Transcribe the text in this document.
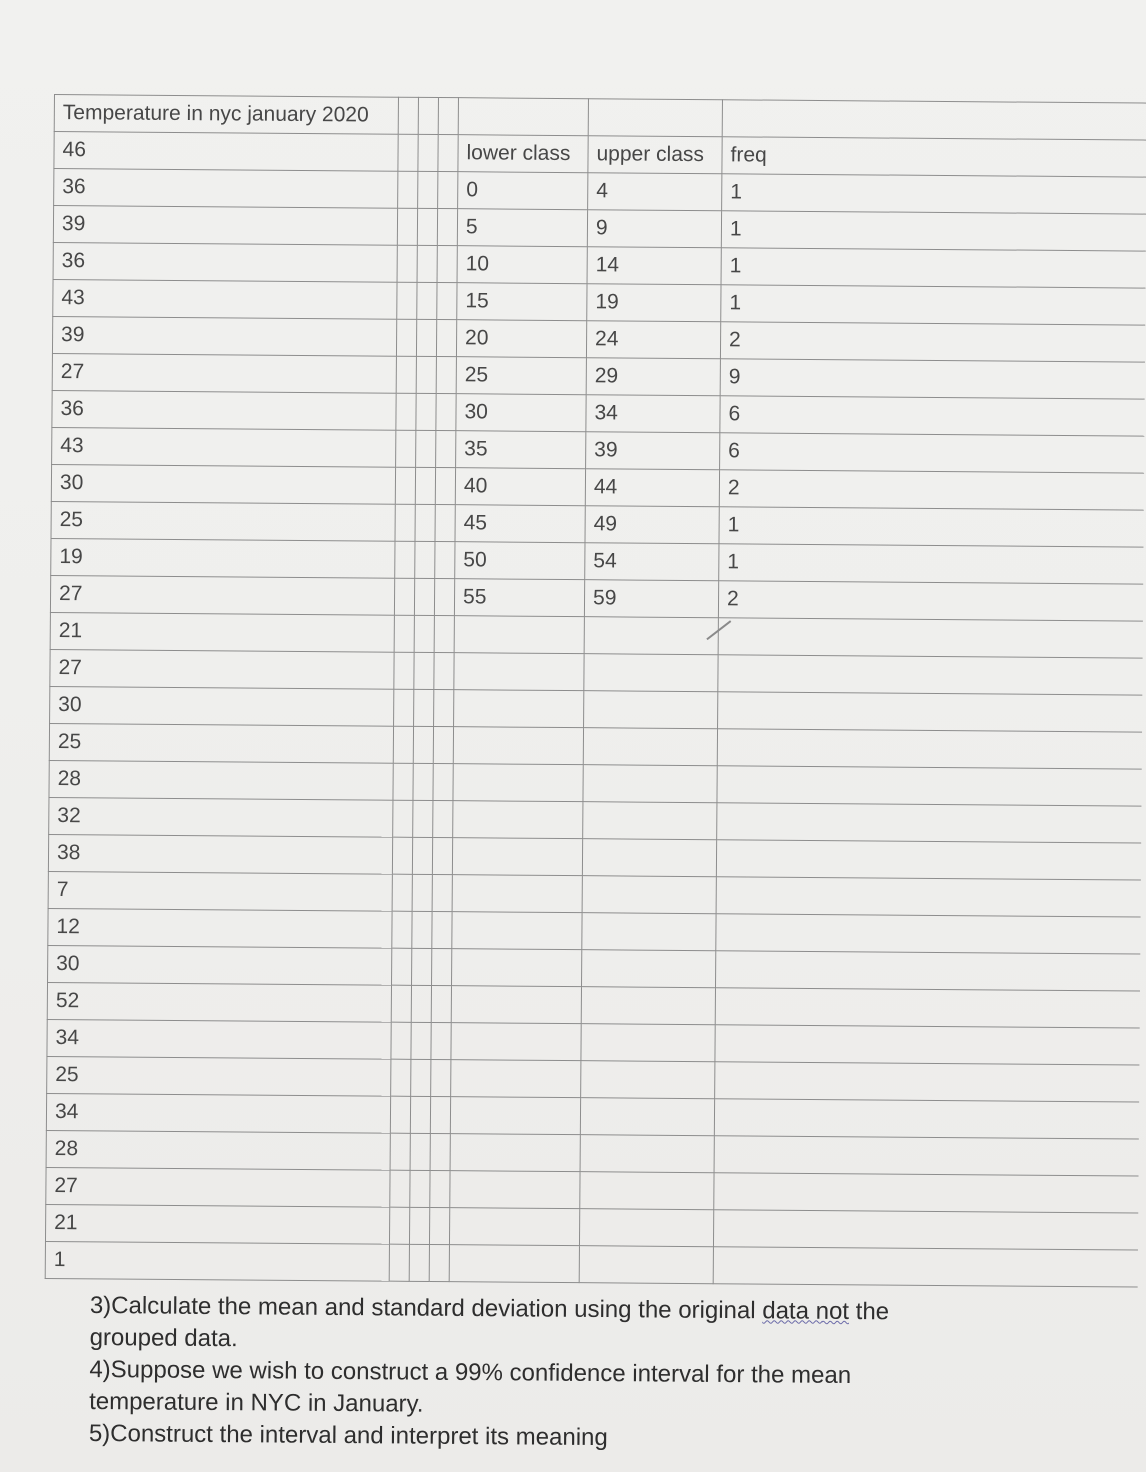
Temperature in nyc january 2020						
46				lower class	upper class	freq
36				0	4	1
39				5	9	1
36				10	14	1
43				15	19	1
39				20	24	2
27				25	29	9
36				30	34	6
43				35	39	6
30				40	44	2
25				45	49	1
19				50	54	1
27				55	59	2
21						
27						
30						
25						
28						
32						
38						
7						
12						
30						
52						
34						
25						
34						
28						
27						
21						
1						

3)Calculate the mean and standard deviation using the original data not the

grouped data.

4)Suppose we wish to construct a 99% confidence interval for the mean

temperature in NYC in January.

5)Construct the interval and interpret its meaning
